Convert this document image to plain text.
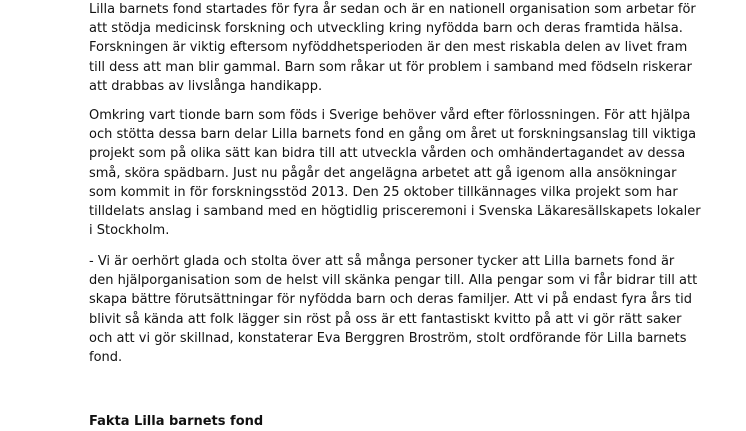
Lilla barnets fond startades för fyra år sedan och är en nationell organisation som arbetar för
att stödja medicinsk forskning och utveckling kring nyfödda barn och deras framtida hälsa.
Forskningen är viktig eftersom nyföddhetsperioden är den mest riskabla delen av livet fram
till dess att man blir gammal. Barn som råkar ut för problem i samband med födseln riskerar
att drabbas av livslånga handikapp.
Omkring vart tionde barn som föds i Sverige behöver vård efter förlossningen. För att hjälpa
och stötta dessa barn delar Lilla barnets fond en gång om året ut forskningsanslag till viktiga
projekt som på olika sätt kan bidra till att utveckla vården och omhändertagandet av dessa
små, sköra spädbarn. Just nu pågår det angelägna arbetet att gå igenom alla ansökningar
som kommit in för forskningsstöd 2013. Den 25 oktober tillkännages vilka projekt som har
tilldelats anslag i samband med en högtidlig prisceremoni i Svenska Läkaresällskapets lokaler
i Stockholm.
- Vi är oerhört glada och stolta över att så många personer tycker att Lilla barnets fond är
den hjälporganisation som de helst vill skänka pengar till. Alla pengar som vi får bidrar till att
skapa bättre förutsättningar för nyfödda barn och deras familjer. Att vi på endast fyra års tid
blivit så kända att folk lägger sin röst på oss är ett fantastiskt kvitto på att vi gör rätt saker
och att vi gör skillnad, konstaterar Eva Berggren Broström, stolt ordförande för Lilla barnets
fond.
Fakta Lilla barnets fond
